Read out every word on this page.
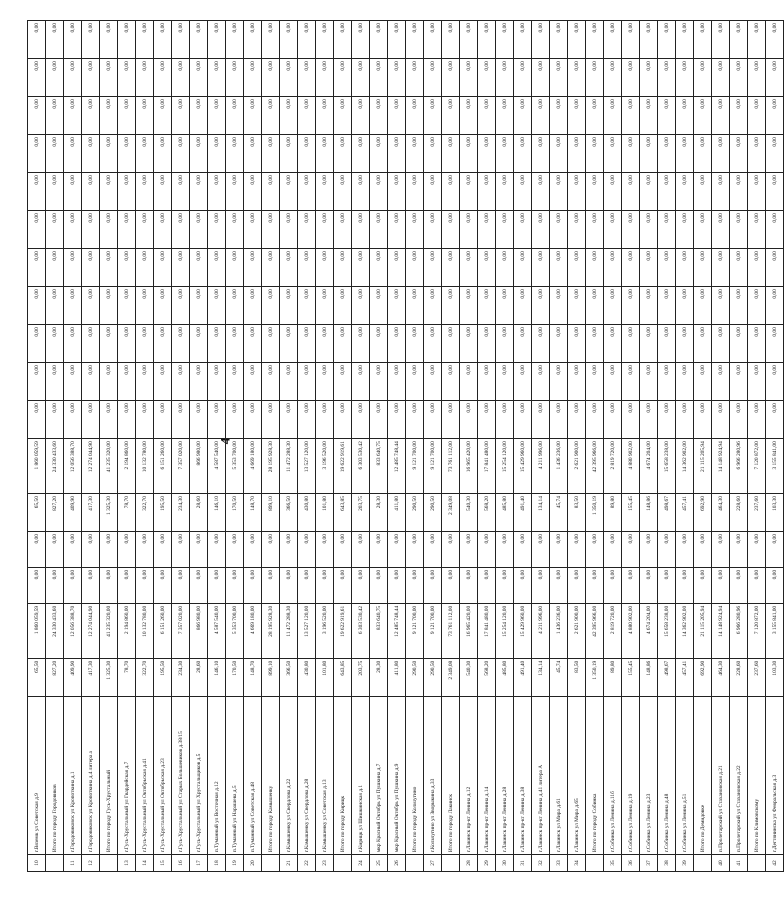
4
10	г.Вяземк ул Советская д.9	65,50	1 860 059,59	0,00	0,00	65,50	1 860 059,59	0,00	0,00	0,00	0,00	0,00	0,00	0,00	0,00	0,00	0,00	0,00
	Итого по городу Городовиков	827,20	24 330 433,60	0,00	0,00	827,20	24 330 433,60	0,00	0,00	0,00	0,00	0,00	0,00	0,00	0,00	0,00	0,00	0,00
11	г.Городовиковск ул Кропоткина д.1	409,90	12 056 388,70	0,00	0,00	409,90	12 056 388,70	0,00	0,00	0,00	0,00	0,00	0,00	0,00	0,00	0,00	0,00	0,00
12	г.Городовиковск ул Кропоткина д.4 литера а	417,30	12 274 044,90	0,00	0,00	417,30	12 274 044,90	0,00	0,00	0,00	0,00	0,00	0,00	0,00	0,00	0,00	0,00	0,00
	Итого по городу Гусь-Хрустальный	1 325,30	41 235 320,00	0,00	0,00	1 325,30	41 235 320,00	0,00	0,00	0,00	0,00	0,00	0,00	0,00	0,00	0,00	0,00	0,00
13	г.Гусь-Хрустальный ул Гвардейская д.7	78,70	2 194 860,00	0,00	0,00	78,70	2 194 860,00	0,00	0,00	0,00	0,00	0,00	0,00	0,00	0,00	0,00	0,00	0,00
14	г.Гусь-Хрустальный ул Октябрьская д.41	322,70	10 132 780,00	0,00	0,00	322,70	10 132 780,00	0,00	0,00	0,00	0,00	0,00	0,00	0,00	0,00	0,00	0,00	0,00
15	г.Гусь-Хрустальный ул Октябрьская д.23	195,50	6 151 260,00	0,00	0,00	195,50	6 151 260,00	0,00	0,00	0,00	0,00	0,00	0,00	0,00	0,00	0,00	0,00	0,00
16	г.Гусь-Хрустальный ул Старых Большевиков д.38/15	234,30	7 357 020,00	0,00	0,00	234,30	7 357 020,00	0,00	0,00	0,00	0,00	0,00	0,00	0,00	0,00	0,00	0,00	0,00
17	г.Гусь-Хрустальный ул Хрустальщиков д.5	28,60	866 980,00	0,00	0,00	28,60	866 980,00	0,00	0,00	0,00	0,00	0,00	0,00	0,00	0,00	0,00	0,00	0,00
18	п.Туманный ул Восточная д.12	146,10	4 587 540,00	0,00	0,00	146,10	4 587 540,00	0,00	0,00	0,00	0,00	0,00	0,00	0,00	0,00	0,00	0,00	0,00
19	п.Туманный ул Нарашева д.5	170,50	5 353 700,00	0,00	0,00	170,50	5 353 700,00	0,00	0,00	0,00	0,00	0,00	0,00	0,00	0,00	0,00	0,00	0,00
20	п.Туманный ул Советская д.48	148,70	4 669 180,00	0,00	0,00	148,70	4 669 180,00	0,00	0,00	0,00	0,00	0,00	0,00	0,00	0,00	0,00	0,00	0,00
	Итого по городу Камышенку	899,10	28 195 928,30	0,00	0,00	899,10	28 195 928,30	0,00	0,00	0,00	0,00	0,00	0,00	0,00	0,00	0,00	0,00	0,00
21	г.Камышенку ул Свердлова д.22	366,50	11 472 288,30	0,00	0,00	366,50	11 472 288,30	0,00	0,00	0,00	0,00	0,00	0,00	0,00	0,00	0,00	0,00	0,00
22	г.Камышенку ул Свердлова д.28	430,80	13 527 120,00	0,00	0,00	430,80	13 527 120,00	0,00	0,00	0,00	0,00	0,00	0,00	0,00	0,00	0,00	0,00	0,00
23	г.Камышенку ул Советская д.13	101,80	3 196 520,00	0,00	0,00	101,80	3 196 520,00	0,00	0,00	0,00	0,00	0,00	0,00	0,00	0,00	0,00	0,00	0,00
	Итого по городу Кирицк	643,85	19 622 919,61	0,00	0,00	643,85	19 622 919,61	0,00	0,00	0,00	0,00	0,00	0,00	0,00	0,00	0,00	0,00	0,00
24	г.Кирицк ул Шишкинская д.1	203,75	6 303 530,42	0,00	0,00	203,75	6 303 530,42	0,00	0,00	0,00	0,00	0,00	0,00	0,00	0,00	0,00	0,00	0,00
25	мкр Красный Октябрь ул Пушкина д.7	28,30	833 640,75	0,00	0,00	28,30	833 640,75	0,00	0,00	0,00	0,00	0,00	0,00	0,00	0,00	0,00	0,00	0,00
26	мкр Красный Октябрь ул Пушкина д.9	411,80	12 485 748,44	0,00	0,00	411,80	12 485 748,44	0,00	0,00	0,00	0,00	0,00	0,00	0,00	0,00	0,00	0,00	0,00
	Итого по городу Кольчугино	290,50	9 121 700,00	0,00	0,00	290,50	9 121 700,00	0,00	0,00	0,00	0,00	0,00	0,00	0,00	0,00	0,00	0,00	0,00
27	г.Кольчугино ул Зворыкина д.33	290,50	9 121 700,00	0,00	0,00	290,50	9 121 700,00	0,00	0,00	0,00	0,00	0,00	0,00	0,00	0,00	0,00	0,00	0,00
	Итого по городу Лакинск	2 349,08	73 761 112,00	0,00	0,00	2 349,08	73 761 112,00	0,00	0,00	0,00	0,00	0,00	0,00	0,00	0,00	0,00	0,00	0,00
28	г.Лакинск пр-кт Ленина д.12	540,30	16 965 420,00	0,00	0,00	540,30	16 965 420,00	0,00	0,00	0,00	0,00	0,00	0,00	0,00	0,00	0,00	0,00	0,00
29	г.Лакинск пр-кт Ленина д.14	568,20	17 841 480,00	0,00	0,00	568,20	17 841 480,00	0,00	0,00	0,00	0,00	0,00	0,00	0,00	0,00	0,00	0,00	0,00
30	г.Лакинск пр-кт Ленина д.28	485,80	15 254 120,00	0,00	0,00	485,80	15 254 120,00	0,00	0,00	0,00	0,00	0,00	0,00	0,00	0,00	0,00	0,00	0,00
31	г.Лакинск пр-кт Ленина д.38	491,40	15 429 960,00	0,00	0,00	491,40	15 429 960,00	0,00	0,00	0,00	0,00	0,00	0,00	0,00	0,00	0,00	0,00	0,00
32	г.Лакинск пр-кт Ленина д.41 литера А	134,14	4 211 996,00	0,00	0,00	134,14	4 211 996,00	0,00	0,00	0,00	0,00	0,00	0,00	0,00	0,00	0,00	0,00	0,00
33	г.Лакинск ул Мира д.61	45,74	1 436 236,00	0,00	0,00	45,74	1 436 236,00	0,00	0,00	0,00	0,00	0,00	0,00	0,00	0,00	0,00	0,00	0,00
34	г.Лакинск ул Мира д.65	83,50	2 621 900,00	0,00	0,00	83,50	2 621 900,00	0,00	0,00	0,00	0,00	0,00	0,00	0,00	0,00	0,00	0,00	0,00
	Итого по городу Собинка	1 350,19	42 395 966,00	0,00	0,00	1 350,19	42 395 966,00	0,00	0,00	0,00	0,00	0,00	0,00	0,00	0,00	0,00	0,00	0,00
35	г.Собинка ул Ленина д.11б	89,80	2 819 720,00	0,00	0,00	89,80	2 819 720,00	0,00	0,00	0,00	0,00	0,00	0,00	0,00	0,00	0,00	0,00	0,00
36	г.Собинка ул Ленина д.19	155,45	4 880 902,00	0,00	0,00	155,45	4 880 902,00	0,00	0,00	0,00	0,00	0,00	0,00	0,00	0,00	0,00	0,00	0,00
37	г.Собинка ул Ленина д.23	148,86	4 674 204,00	0,00	0,00	148,86	4 674 204,00	0,00	0,00	0,00	0,00	0,00	0,00	0,00	0,00	0,00	0,00	0,00
38	г.Собинка ул Ленина д.48	498,67	15 658 238,00	0,00	0,00	498,67	15 658 238,00	0,00	0,00	0,00	0,00	0,00	0,00	0,00	0,00	0,00	0,00	0,00
39	г.Собинка ул Ленина д.51	457,41	14 362 902,00	0,00	0,00	457,41	14 362 902,00	0,00	0,00	0,00	0,00	0,00	0,00	0,00	0,00	0,00	0,00	0,00
	Итого по Демидовке	692,90	21 115 205,94	0,00	0,00	692,90	21 115 205,94	0,00	0,00	0,00	0,00	0,00	0,00	0,00	0,00	0,00	0,00	0,00
40	п.Пролетарский ул Стахановская д.21	464,30	14 148 924,94	0,00	0,00	464,30	14 148 924,94	0,00	0,00	0,00	0,00	0,00	0,00	0,00	0,00	0,00	0,00	0,00
41	п.Пролетарский ул Стахановская д.22	228,60	6 966 280,96	0,00	0,00	228,60	6 966 280,96	0,00	0,00	0,00	0,00	0,00	0,00	0,00	0,00	0,00	0,00	0,00
	Итого по Климовскому	237,60	7 120 872,00	0,00	0,00	237,60	7 120 872,00	0,00	0,00	0,00	0,00	0,00	0,00	0,00	0,00	0,00	0,00	0,00
42	г.Дегтянинска ул Февральская д.3	103,30	3 155 841,00	0,00	0,00	103,30	3 155 841,00	0,00	0,00	0,00	0,00	0,00	0,00	0,00	0,00	0,00	0,00	0,00
